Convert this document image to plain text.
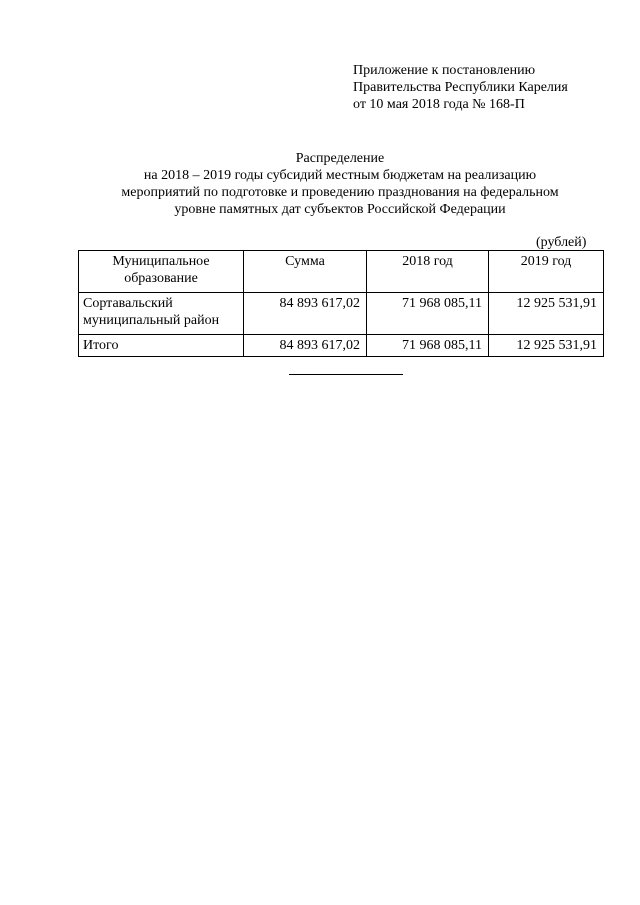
Приложение к постановлению
Правительства Республики Карелия
от 10 мая 2018 года № 168-П
Распределение
на 2018 – 2019 годы субсидий местным бюджетам на реализацию
мероприятий по подготовке и проведению празднования на федеральном
уровне памятных дат субъектов Российской Федерации
(рублей)
Муниципальное
образование	Сумма	2018 год	2019 год

Сортавальский
муниципальный район	84 893 617,02	71 968 085,11	12 925 531,91
Итого	84 893 617,02	71 968 085,11	12 925 531,91
